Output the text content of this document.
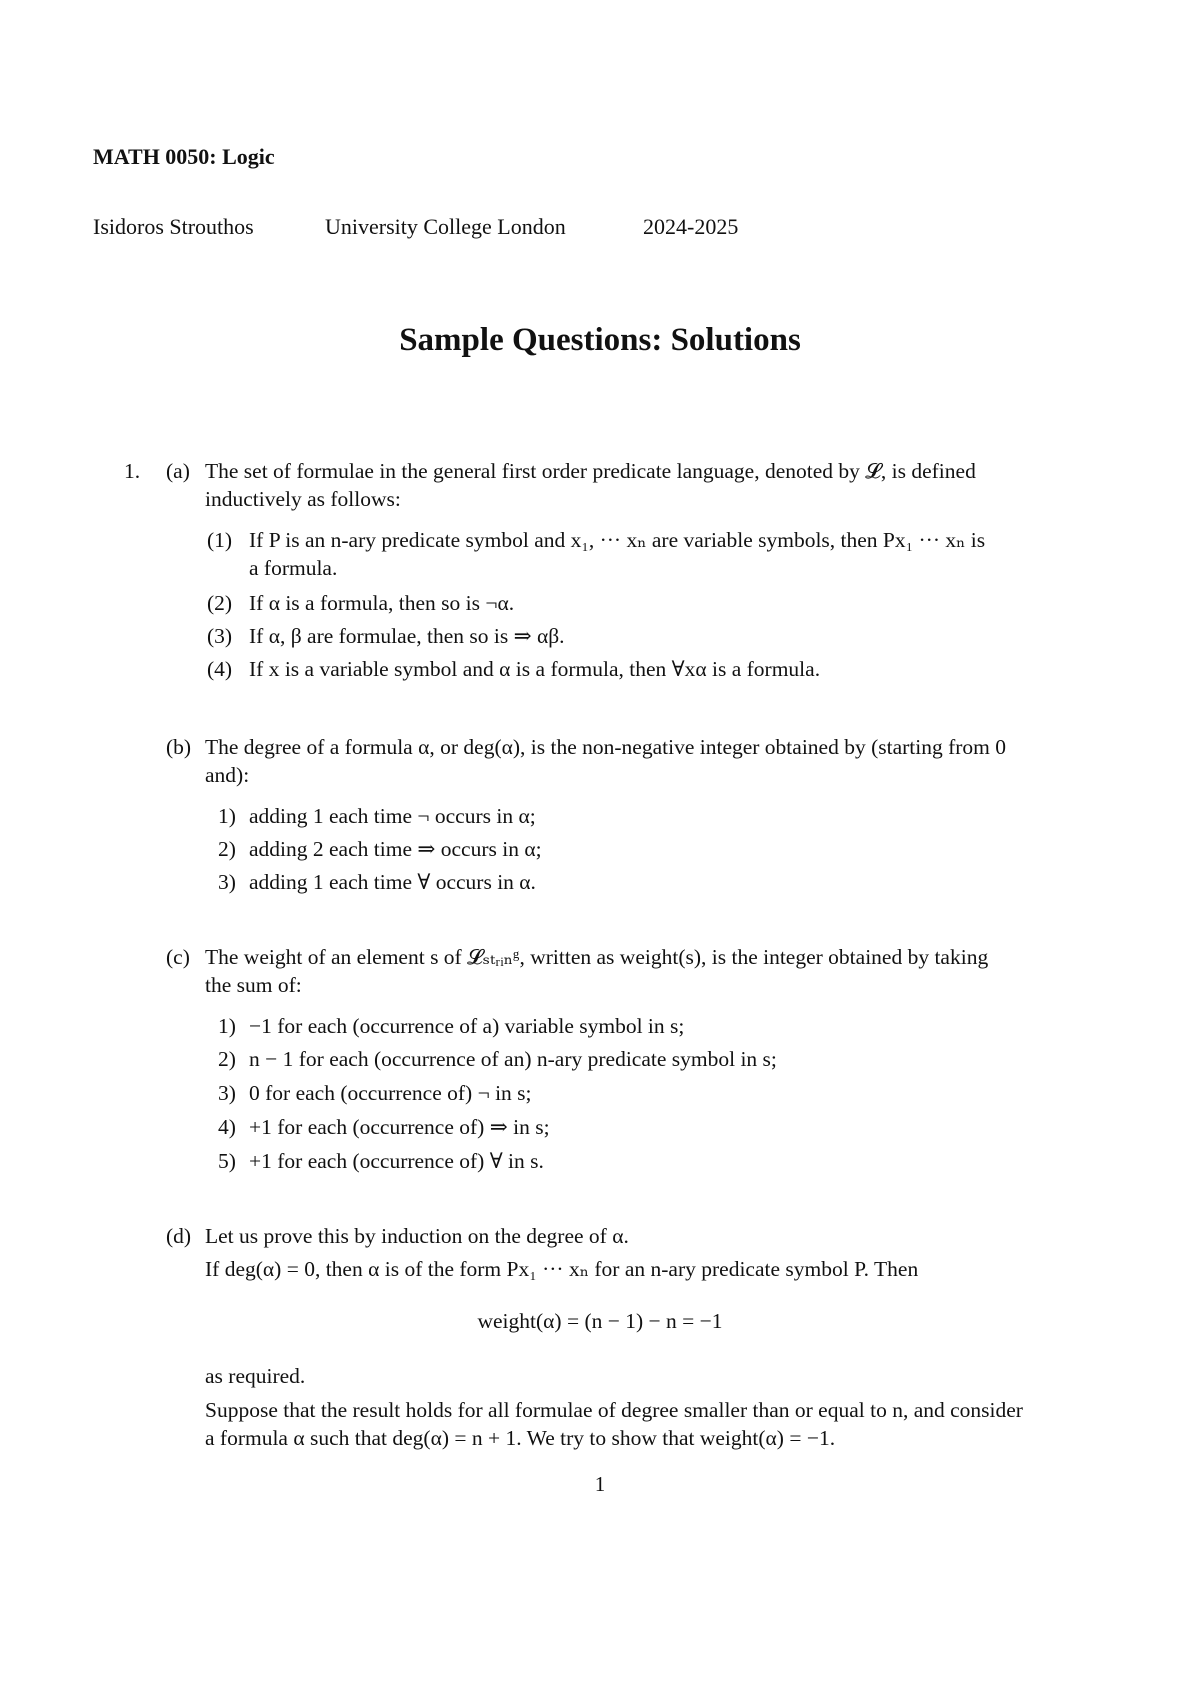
MATH 0050: Logic
Isidoros Strouthos	University College London	2024-2025
Sample Questions: Solutions
1. (a) The set of formulae in the general first order predicate language, denoted by 𝓛, is defined
inductively as follows:
(1) If P is an n-ary predicate symbol and x₁, ··· xₙ are variable symbols, then Px₁ ··· xₙ is
a formula.
(2) If α is a formula, then so is ¬α.
(3) If α, β are formulae, then so is ⇒ αβ.
(4) If x is a variable symbol and α is a formula, then ∀xα is a formula.
(b) The degree of a formula α, or deg(α), is the non-negative integer obtained by (starting from 0
and):
1) adding 1 each time ¬ occurs in α;
2) adding 2 each time ⇒ occurs in α;
3) adding 1 each time ∀ occurs in α.
(c) The weight of an element s of 𝓛ₛₜᵣᵢₙᵍ, written as weight(s), is the integer obtained by taking
the sum of:
1) −1 for each (occurrence of a) variable symbol in s;
2) n − 1 for each (occurrence of an) n-ary predicate symbol in s;
3) 0 for each (occurrence of) ¬ in s;
4) +1 for each (occurrence of) ⇒ in s;
5) +1 for each (occurrence of) ∀ in s.
(d) Let us prove this by induction on the degree of α.
If deg(α) = 0, then α is of the form Px₁ ··· xₙ for an n-ary predicate symbol P. Then
weight(α) = (n − 1) − n = −1
as required.
Suppose that the result holds for all formulae of degree smaller than or equal to n, and consider
a formula α such that deg(α) = n + 1. We try to show that weight(α) = −1.
1
